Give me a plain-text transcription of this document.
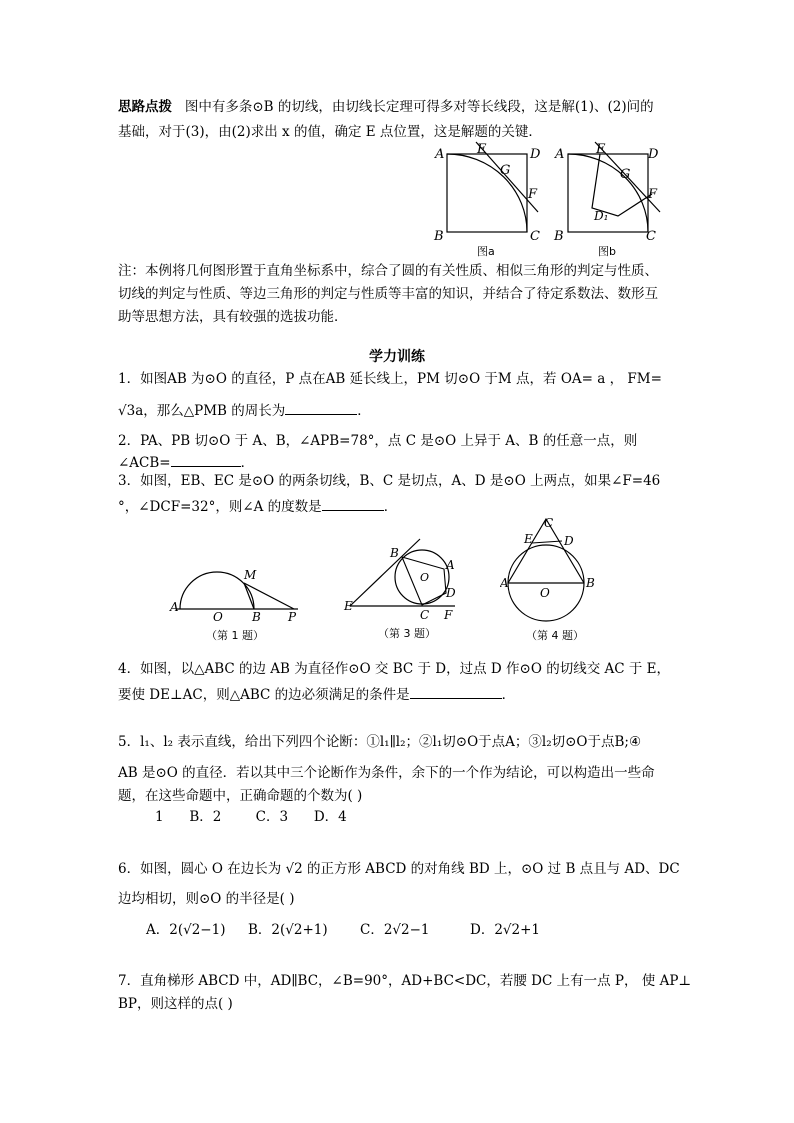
思路点拨 图中有多条⊙B 的切线，由切线长定理可得多对等长线段，这是解(1)、(2)问的
基础，对于(3)，由(2)求出 x 的值，确定 E 点位置，这是解题的关键．
A	E	D
G
F
B	C
图a
A E	D
G
F
D₁
B	C
图b
注：本例将几何图形置于直角坐标系中，综合了圆的有关性质、相似三角形的判定与性质、
切线的判定与性质、等边三角形的判定与性质等丰富的知识，并结合了待定系数法、数形互
助等思想方法，具有较强的选拔功能．
学力训练
1．如图AB 为⊙O 的直径，P 点在AB 延长线上，PM 切⊙O 于M 点，若 OA= a ， FM=
√3a，那么△PMB 的周长为	．
2．PA、PB 切⊙O 于 A、B，∠APB=78°，点 C 是⊙O 上异于 A、B 的任意一点，则
∠ACB=	．
3．如图，EB、EC 是⊙O 的两条切线，B、C 是切点，A、D 是⊙O 上两点，如果∠F=46
°，∠DCF=32°，则∠A 的度数是	．
M
A
O B P
（第 1 题）
B
A
O
D
E
C F
（第 3 题）
C
E	D
A
O
B
（第 4 题）
4．如图，以△ABC 的边 AB 为直径作⊙O 交 BC 于 D，过点 D 作⊙O 的切线交 AC 于 E，
要使 DE⊥AC，则△ABC 的边必须满足的条件是	．
5．l₁、l₂ 表示直线，给出下列四个论断：①l₁∥l₂；②l₁切⊙O于点A；③l₂切⊙O于点B;④
AB 是⊙O 的直径．若以其中三个论断作为条件，余下的一个作为结论，可以构造出一些命
题，在这些命题中，正确命题的个数为( )
1      B．2        C．3      D．4
6．如图，圆心 O 在边长为 √2 的正方形 ABCD 的对角线 BD 上，⊙O 过 B 点且与 AD、DC
边均相切，则⊙O 的半径是( )
A．2(√2−1) B．2(√2+1) C．2√2−1	D．2√2+1
7．直角梯形 ABCD 中，AD∥BC，∠B=90°，AD+BC<DC，若腰 DC 上有一点 P， 使 AP⊥
BP，则这样的点( )
